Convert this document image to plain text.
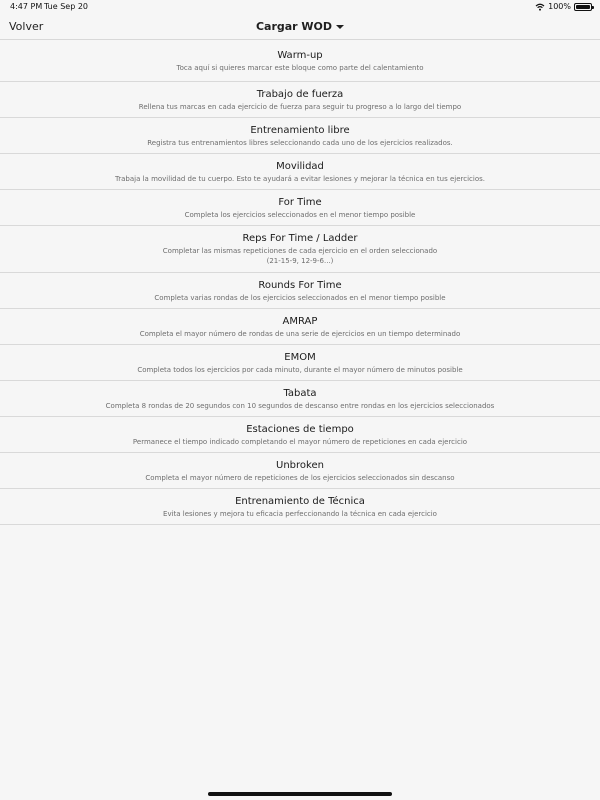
4:47 PM Tue Sep 20	100%
Volver	Cargar WOD
Warm-up
Toca aquí si quieres marcar este bloque como parte del calentamiento
Trabajo de fuerza
Rellena tus marcas en cada ejercicio de fuerza para seguir tu progreso a lo largo del tiempo
Entrenamiento libre
Registra tus entrenamientos libres seleccionando cada uno de los ejercicios realizados.
Movilidad
Trabaja la movilidad de tu cuerpo. Esto te ayudará a evitar lesiones y mejorar la técnica en tus ejercicios.
For Time
Completa los ejercicios seleccionados en el menor tiempo posible
Reps For Time / Ladder
Completar las mismas repeticiones de cada ejercicio en el orden seleccionado
(21-15-9, 12-9-6...)
Rounds For Time
Completa varias rondas de los ejercicios seleccionados en el menor tiempo posible
AMRAP
Completa el mayor número de rondas de una serie de ejercicios en un tiempo determinado
EMOM
Completa todos los ejercicios por cada minuto, durante el mayor número de minutos posible
Tabata
Completa 8 rondas de 20 segundos con 10 segundos de descanso entre rondas en los ejercicios seleccionados
Estaciones de tiempo
Permanece el tiempo indicado completando el mayor número de repeticiones en cada ejercicio
Unbroken
Completa el mayor número de repeticiones de los ejercicios seleccionados sin descanso
Entrenamiento de Técnica
Evita lesiones y mejora tu eficacia perfeccionando la técnica en cada ejercicio
